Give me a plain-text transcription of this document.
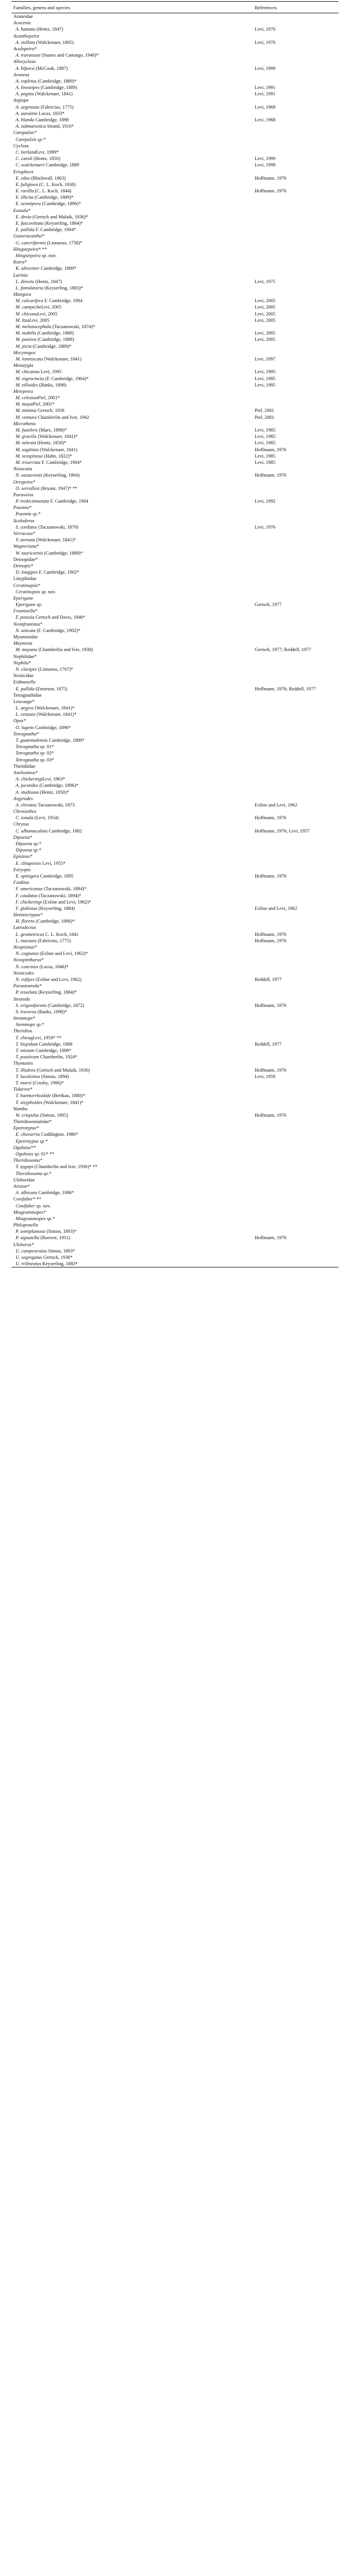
Families, genera and species	References
Araneidae	
Acacesia	
A. hamata (Hentz, 1847)	Levi, 1976
Acanthepeira	
A. stellata (Walckenaer, 1805)	Levi, 1976
Aculepeira*	
A. travassosi (Soares and Camargo, 1948)*	
Allocyclosa	
A. bifurca (McCook, 1887)	Levi, 1999
Araneus	
A. expletus (Cambridge, 1889)*	
A. lineatipes (Cambridge, 1889)	Levi, 1991
A. pegnia (Walckenaer, 1841)	Levi, 1991
Argiope	
A. argentata (Fabricius, 1775)	Levi, 1968
A. aurantia Lucas, 1833*	
A. blanda Cambridge, 1898	Levi, 1968
A. submaronica Strand, 1916*	
Carepalxis*	
Carepalxis sp.*	
Cyclosa	
C. berlandLevi, 1999*	
C. caroli (Hentz, 1850)	Levi, 1999
C. walckenaeri Cambridge, 1889	Levi, 1999
Eriophora	
E. edax (Blackwall, 1863)	Hoffmann, 1976
E. fuliginea (C. L. Koch, 1838)	
E. ravilla (C. L. Koch, 1844)	Hoffmann, 1976
E. illicita (Cambridge, 1889)*	
E. sexmipora (Cambridge, 1896)*	
Eustala*	
E. devia (Gertsch and Mulaik, 1936)*	
E. fuscovittata (Keyserling, 1864)*	
E. pallida F. Cambridge, 1904*	
Gasteracantha*	
G. cancriformis (Linnaeus, 1758)*	
Hingstepeira* **	
Hingstepeira sp. nov.	
Kaira*	
K. altiventer Cambridge, 1889*	
Larinia	
L. directa (Hentz, 1847)	Levi, 1975
L. famulatoria (Keyserling, 1883)*	
Mangora	
M. calcarifera F. Cambridge, 1904	Levi, 2005
M. campecheLevi, 2005	Levi, 2005
M. chiconaLevi, 2005	Levi, 2005
M. ItzaLevi, 2005	Levi, 2005
M. melanocephala (Taczanowski, 1874)*	
M. mobilis (Cambridge, 1889)	Levi, 2005
M. passiva (Cambridge, 1889)	Levi, 2005
M. picta (Cambridge, 1889)*	
Mecynogea	
M. lemniscata (Walckenaer, 1841)	Levi, 1997
Metazygia	
M. chicanna Levi, 1995	Levi, 1995
M. nigrocincta (F. Cambridge, 1904)*	Levi, 1995
M. zilloides (Banks, 1898)	Levi, 1995
Metepeira	
M. celestunPiel, 2001*	
M. mayaPiel, 2001*	
M. minima Gertsch, 1936	Piel, 2001
M. ventura Chamberlin and Ivie, 1942	Piel, 2001
Micrathena	
M. funebris (Marx, 1898)*	Levi, 1985
M. gracilis (Walckenaer, 1841)*	Levi, 1985
M. mitrata (Hentz, 1850)*	Levi, 1985
M. sagittata (Walckenaer, 1841)	Hoffmann, 1976
M. sexspinosa (Hahn, 1822)*	Levi, 1985
M. triserrata F. Cambridge, 1904*	Levi, 1985
Neoscona	
N. oaxacensis (Keyserling, 1864)	Hoffmann, 1976
Ocrepeira*	
O. serrallesi (Bryant, 1947)* **	
Parawixia	
P. tredecimnotata F. Cambridge, 1904	Levi, 1992
Pozonia*	
Pozonia sp.*	
Scoloderus	
S. cordatus (Taczanowski, 1879)	Levi, 1976
Verrucosa*	
V. arenata (Walckenaer, 1841)*	
Wagneriana*	
W. tauricornis (Cambridge, 1889)*	
Deinopidae*	
Deinopis*	
D. longipes F. Cambridge, 1902*	
Linyphiidae	
Ceratinopsis*	
Ceratinopsis sp. nov.	
Eperigone	
Eperigone sp.	Gertsch, 1977
Frontinella*	
F. potosia Gertsch and Davis, 1946*	
Neonfrontinia*	
N. unicata (F. Cambridge, 1902)*	
Mysmenidae	
Maymena	
M. mayana (Chamberlin and Ivie, 1938)	Gertsch, 1977; Reddell, 1977
Nephilidae*	
Nephila*	
N. clavipes (Linnaeus, 1767)*	
Nesticidae	
Eidmanella	
E. pallida (Emerton, 1875)	Hoffmann, 1976; Reddell, 1977
Tetragnathidae	
Leucauge*	
L. argyra (Walckenaer, 1841)*	
L. venusta (Walckenaer, 1841)*	
Opas*	
O. lugens Cambridge, 1896*	
Tetragnatha*	
T. guatemalensis Cambridge, 1889*	
Tetragnatha sp. 01*	
Tetragnatha sp. 02*	
Tetragnatha sp. 03*	
Theridiidae	
Anelosimus*	
A. chickeringiLevi, 1963*	
A. jucundus (Cambridge, 1896)*	
A. studiosus (Hentz, 1850)*	
Argyrodes	
A. elevatus Taczanowski, 1873	Exline and Levi, 1962
Chrosiothes	
C. tonala (Levi, 1954)	Hoffmann, 1976
Chrysso	
C. albomaculata Cambridge, 1882	Hoffmann, 1976; Levi, 1957
Dipoena*	
Dipoena sp.*	
Dipoena sp.*	
Episinus*	
E. chiapensis Levi, 1955*	
Euryopis	
E. spinigera Cambridge, 1895	Hoffmann, 1976
Faiditus	
F. americanus (Taczanowski, 1894)*	
F. caudatus (Taczanowski, 1894)*	
F. chickeringi (Exline and Levi, 1962)*	
F. globosus (Keyserling, 1884)	Exline and Levi, 1962
Hentziectypus*	
H. florens (Cambridge, 1896)*	
Latrodectus	
L. geometricus C. L. Koch, 1841	Hoffmann, 1976
L. mactans (Fabricius, 1775)	Hoffmann, 1976
Neopisinus*	
N. cognatus (Exline and Levi, 1962)*	
Neospintharus*	
N. concinus (Lucas, 1846)*	
Nesticodes	
N. rufipes (Exline and Levi, 1962)	Reddell, 1977
Parasteatoda*	
P. tesselata (Keyserling, 1884)*	
Steatoda	
S. erigoniformis (Cambridge, 1872)	Hoffmann, 1976
S. traversa (Banks, 1898)*	
Stemmops*	
Stemmops sp.*	
Theridion	
T. chiragLevi, 1959* **	
T. hispidum Cambridge, 1898	Reddell, 1977
T. mixtum Cambridge, 1898*	
T. positivum Chamberlin, 1924*	
Thymoites	
T. illudens (Gertsch and Mulaik, 1936)	Hoffmann, 1976
T. luculentus (Simon, 1894)	Levi, 1959
T. marxi (Crosby, 1906)*	
Tidarren*	
T. haemorrhoidale (Bertkau, 1880)*	
T. sisyphoides (Walckenaer, 1841)*	
Wamba	
W. crispulus (Simon, 1895)	Hoffmann, 1976
Theridiosomatidae*	
Epeirotypus*	
E. chavarria Coddington, 1986*	
Epeirotypus sp.*	
Ogulnius**	
Ogulnius sp. 01* **	
Theridiosoma*	
T. zygops (Chamberlin and Ivie, 1936)* **	
Theridiosoma sp.*	
Uloboridae	
Ariston*	
A. albicans Cambridge, 1896*	
Conifaber* **	
Conifaber sp. nov.	
Miagrammopes*	
Miagrammopes sp.*	
Philoponella	
P. semiplumosa (Simon, 1893)*	
P. signatella (Roewer, 1951)	Hoffmann, 1976
Uloborus*	
U. campestratus Simon, 1893*	
U. segregatus Gertsch, 1936*	
U. trilineatus Keyserling, 1883*	
